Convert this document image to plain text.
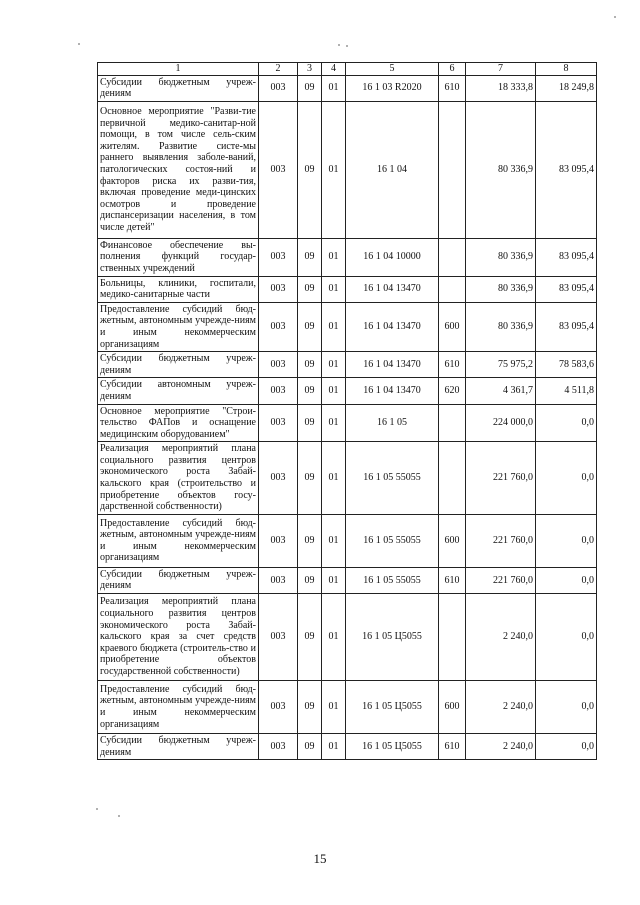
1	2	3	4	5	6	7	8
Субсидии бюджетным учреж-дениям	003	09	01	16 1 03 R2020	610	18 333,8	18 249,8
Основное мероприятие "Разви-тие первичной медико-санитар-ной помощи, в том числе сель-ским жителям. Развитие систе-мы раннего выявления заболе-ваний, патологических состоя-ний и факторов риска их разви-тия, включая проведение меди-цинских осмотров и проведение диспансеризации населения, в том числе детей"	003	09	01	16 1 04		80 336,9	83 095,4
Финансовое обеспечение вы-полнения функций государ-ственных учреждений	003	09	01	16 1 04 10000		80 336,9	83 095,4
Больницы, клиники, госпитали, медико-санитарные части	003	09	01	16 1 04 13470		80 336,9	83 095,4
Предоставление субсидий бюд-жетным, автономным учрежде-ниям и иным некоммерческим организациям	003	09	01	16 1 04 13470	600	80 336,9	83 095,4
Субсидии бюджетным учреж-дениям	003	09	01	16 1 04 13470	610	75 975,2	78 583,6
Субсидии автономным учреж-дениям	003	09	01	16 1 04 13470	620	4 361,7	4 511,8
Основное мероприятие "Строи-тельство ФАПов и оснащение медицинским оборудованием"	003	09	01	16 1 05		224 000,0	0,0
Реализация мероприятий плана социального развития центров экономического роста Забай-кальского края (строительство и приобретение объектов госу-дарственной собственности)	003	09	01	16 1 05 55055		221 760,0	0,0
Предоставление субсидий бюд-жетным, автономным учрежде-ниям и иным некоммерческим организациям	003	09	01	16 1 05 55055	600	221 760,0	0,0
Субсидии бюджетным учреж-дениям	003	09	01	16 1 05 55055	610	221 760,0	0,0
Реализация мероприятий плана социального развития центров экономического роста Забай-кальского края за счет средств краевого бюджета (строитель-ство и приобретение объектов государственной собственности)	003	09	01	16 1 05 Ц5055		2 240,0	0,0
Предоставление субсидий бюд-жетным, автономным учрежде-ниям и иным некоммерческим организациям	003	09	01	16 1 05 Ц5055	600	2 240,0	0,0
Субсидии бюджетным учреж-дениям	003	09	01	16 1 05 Ц5055	610	2 240,0	0,0
15
